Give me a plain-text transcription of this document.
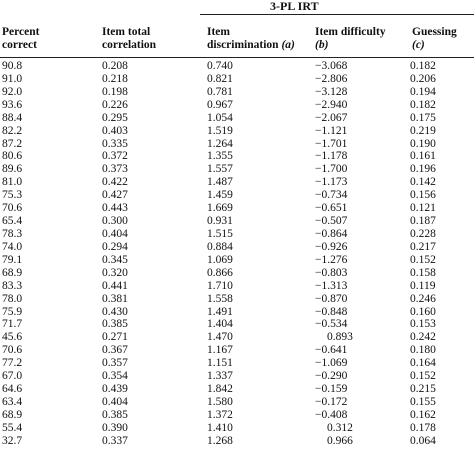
3-PL IRT
Percent
correct
Item total
correlation
Item
discrimination (a)
Item difficulty
(b)
Guessing
(c)
90.8	0.208	0.740	−3.068	0.182
91.0	0.218	0.821	−2.806	0.206
92.0	0.198	0.781	−3.128	0.194
93.6	0.226	0.967	−2.940	0.182
88.4	0.295	1.054	−2.067	0.175
82.2	0.403	1.519	−1.121	0.219
87.2	0.335	1.264	−1.701	0.190
80.6	0.372	1.355	−1.178	0.161
89.6	0.373	1.557	−1.700	0.196
81.0	0.422	1.487	−1.173	0.142
75.3	0.427	1.459	−0.734	0.156
70.6	0.443	1.669	−0.651	0.121
65.4	0.300	0.931	−0.507	0.187
78.3	0.404	1.515	−0.864	0.228
74.0	0.294	0.884	−0.926	0.217
79.1	0.345	1.069	−1.276	0.152
68.9	0.320	0.866	−0.803	0.158
83.3	0.441	1.710	−1.313	0.119
78.0	0.381	1.558	−0.870	0.246
75.9	0.430	1.491	−0.848	0.160
71.7	0.385	1.404	−0.534	0.153
45.6	0.271	1.470	0.893	0.242
70.6	0.367	1.167	−0.641	0.180
77.2	0.357	1.151	−1.069	0.164
67.0	0.354	1.337	−0.290	0.152
64.6	0.439	1.842	−0.159	0.215
63.4	0.404	1.580	−0.172	0.155
68.9	0.385	1.372	−0.408	0.162
55.4	0.390	1.410	0.312	0.178
32.7	0.337	1.268	0.966	0.064
